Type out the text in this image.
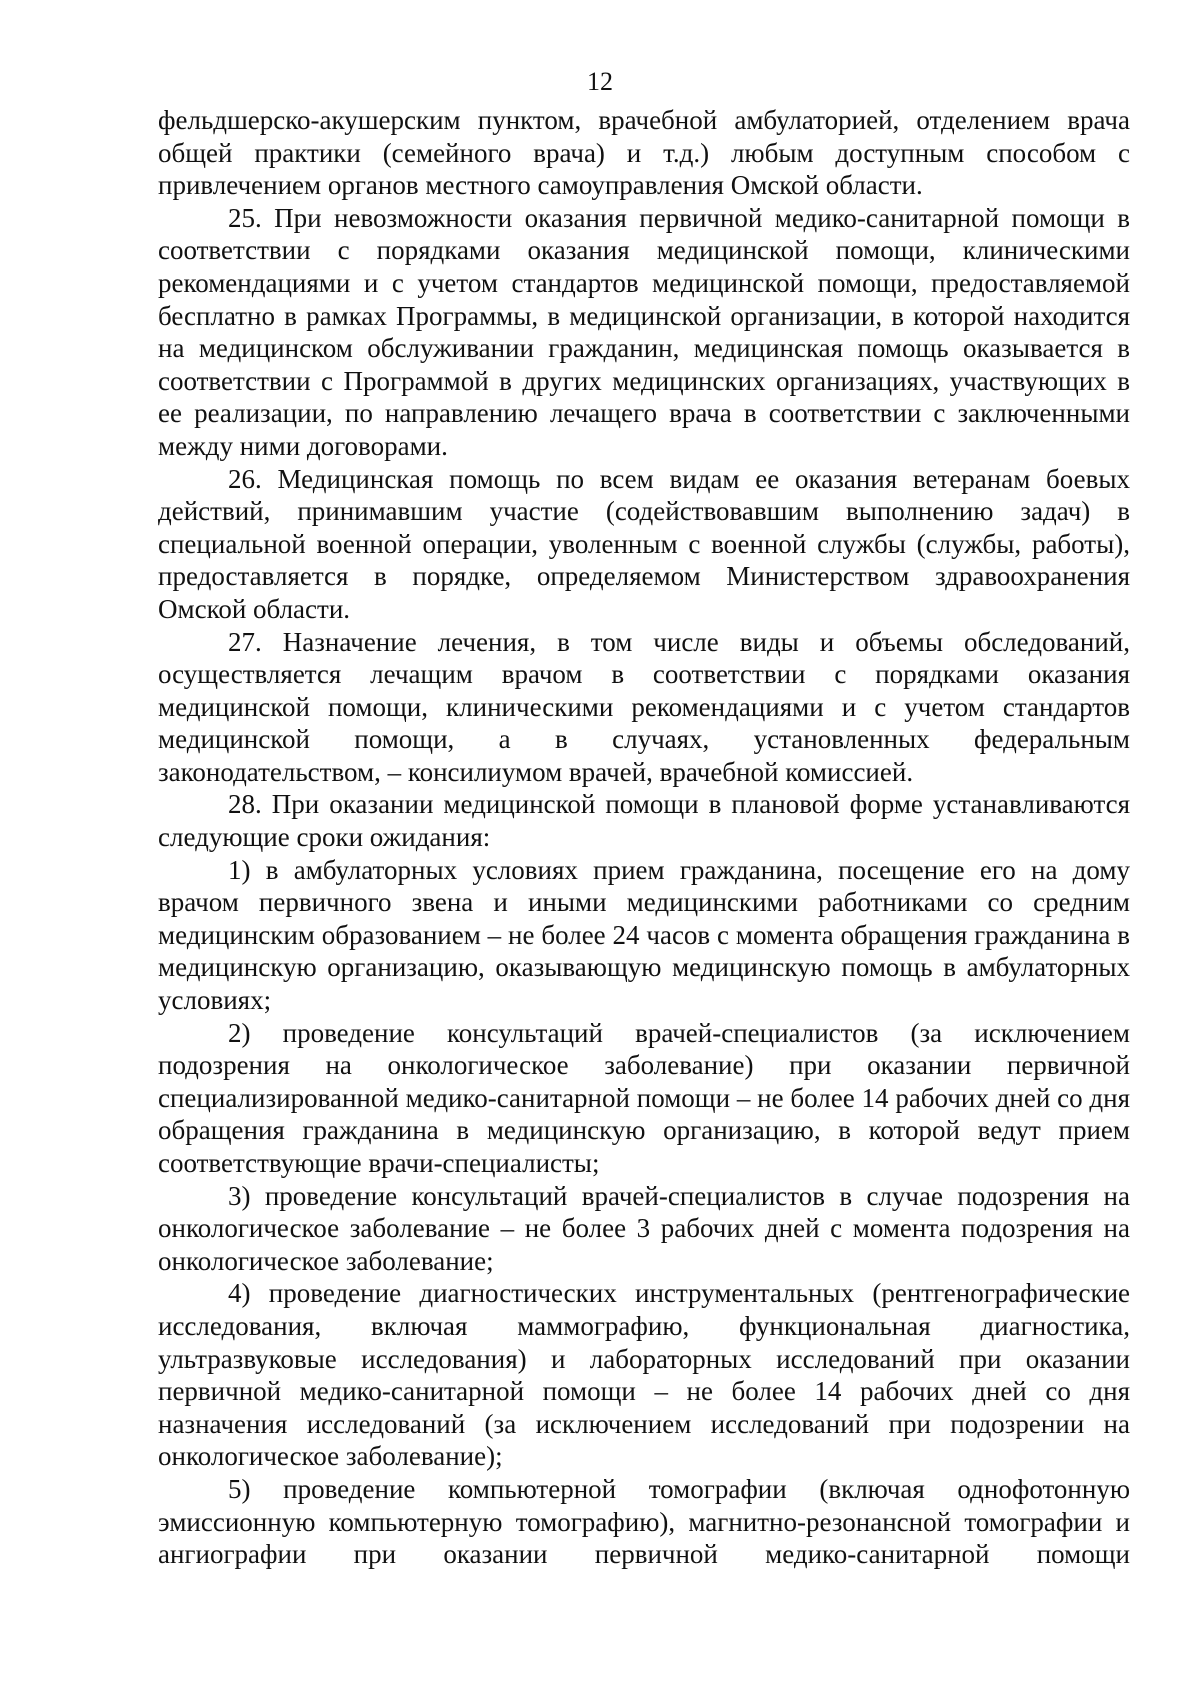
12

фельдшерско-акушерским пунктом, врачебной амбулаторией, отделением врача общей практики (семейного врача) и т.д.) любым доступным способом с привлечением органов местного самоуправления Омской области.

25. При невозможности оказания первичной медико-санитарной помощи в соответствии с порядками оказания медицинской помощи, клиническими рекомендациями и с учетом стандартов медицинской помощи, предоставляемой бесплатно в рамках Программы, в медицинской организации, в которой находится на медицинском обслуживании гражданин, медицинская помощь оказывается в соответствии с Программой в других медицинских организациях, участвующих в ее реализации, по направлению лечащего врача в соответствии с заключенными между ними договорами.

26. Медицинская помощь по всем видам ее оказания ветеранам боевых действий, принимавшим участие (содействовавшим выполнению задач) в специальной военной операции, уволенным с военной службы (службы, работы), предоставляется в порядке, определяемом Министерством здравоохранения Омской области.

27. Назначение лечения, в том числе виды и объемы обследований, осуществляется лечащим врачом в соответствии с порядками оказания медицинской помощи, клиническими рекомендациями и с учетом стандартов медицинской помощи, а в случаях, установленных федеральным законодательством, – консилиумом врачей, врачебной комиссией.

28. При оказании медицинской помощи в плановой форме устанавливаются следующие сроки ожидания:

1) в амбулаторных условиях прием гражданина, посещение его на дому врачом первичного звена и иными медицинскими работниками со средним медицинским образованием – не более 24 часов с момента обращения гражданина в медицинскую организацию, оказывающую медицинскую помощь в амбулаторных условиях;

2) проведение консультаций врачей-специалистов (за исключением подозрения на онкологическое заболевание) при оказании первичной специализированной медико-санитарной помощи – не более 14 рабочих дней со дня обращения гражданина в медицинскую организацию, в которой ведут прием соответствующие врачи-специалисты;

3) проведение консультаций врачей-специалистов в случае подозрения на онкологическое заболевание – не более 3 рабочих дней с момента подозрения на онкологическое заболевание;

4) проведение диагностических инструментальных (рентгенографические исследования, включая маммографию, функциональная диагностика, ультразвуковые исследования) и лабораторных исследований при оказании первичной медико-санитарной помощи – не более 14 рабочих дней со дня назначения исследований (за исключением исследований при подозрении на онкологическое заболевание);

5) проведение компьютерной томографии (включая однофотонную эмиссионную компьютерную томографию), магнитно-резонансной томографии и ангиографии при оказании первичной медико-санитарной помощи
